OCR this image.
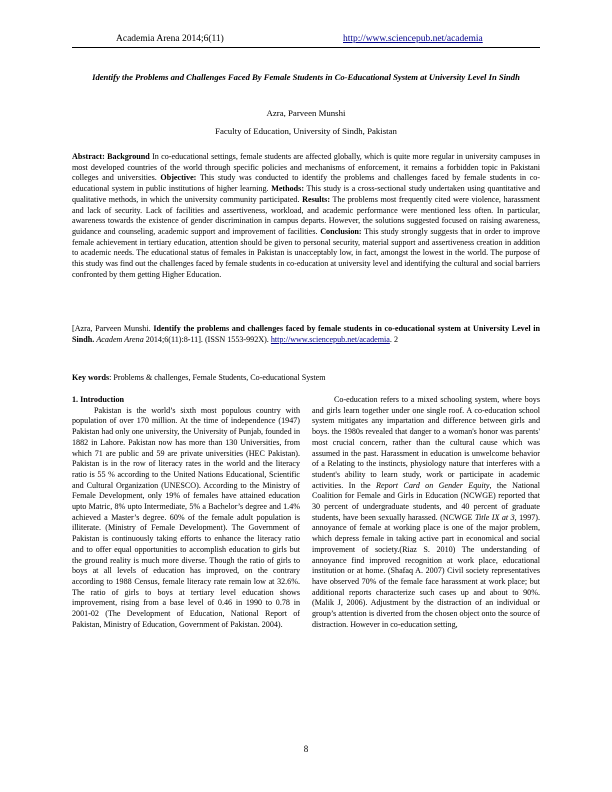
Academia Arena 2014;6(11)	http://www.sciencepub.net/academia
Identify the Problems and Challenges Faced By Female Students in Co-Educational System at University Level In Sindh
Azra, Parveen Munshi
Faculty of Education, University of Sindh, Pakistan

Abstract: Background In co-educational settings, female students are affected globally, which is quite more regular in university campuses in most developed countries of the world through specific policies and mechanisms of enforcement, it remains a forbidden topic in Pakistani colleges and universities. Objective: This study was conducted to identify the problems and challenges faced by female students in co-educational system in public institutions of higher learning. Methods: This study is a cross-sectional study undertaken using quantitative and qualitative methods, in which the university community participated. Results: The problems most frequently cited were violence, harassment and lack of security. Lack of facilities and assertiveness, workload, and academic performance were mentioned less often. In particular, awareness towards the existence of gender discrimination in campus departs. However, the solutions suggested focused on raising awareness, guidance and counseling, academic support and improvement of facilities. Conclusion: This study strongly suggests that in order to improve female achievement in tertiary education, attention should be given to personal security, material support and assertiveness creation in addition to academic needs. The educational status of females in Pakistan is unacceptably low, in fact, amongst the lowest in the world. The purpose of this study was find out the challenges faced by female students in co-education at university level and identifying the cultural and social barriers confronted by them getting Higher Education.

[Azra, Parveen Munshi. Identify the problems and challenges faced by female students in co-educational system at University Level in Sindh. Academ Arena 2014;6(11):8-11]. (ISSN 1553-992X). http://www.sciencepub.net/academia. 2

Key words: Problems & challenges, Female Students, Co-educational System

1. Introduction

Pakistan is the world’s sixth most populous country with population of over 170 million. At the time of independence (1947) Pakistan had only one university, the University of Punjab, founded in 1882 in Lahore. Pakistan now has more than 130 Universities, from which 71 are public and 59 are private universities (HEC Pakistan). Pakistan is in the row of literacy rates in the world and the literacy ratio is 55 % according to the United Nations Educational, Scientific and Cultural Organization (UNESCO). According to the Ministry of Female Development, only 19% of females have attained education upto Matric, 8% upto Intermediate, 5% a Bachelor’s degree and 1.4% achieved a Master’s degree. 60% of the female adult population is illiterate. (Ministry of Female Development). The Government of Pakistan is continuously taking efforts to enhance the literacy ratio and to offer equal opportunities to accomplish education to girls but the ground reality is much more diverse. Though the ratio of girls to boys at all levels of education has improved, on the contrary according to 1988 Census, female literacy rate remain low at 32.6%. The ratio of girls to boys at tertiary level education shows improvement, rising from a base level of 0.46 in 1990 to 0.78 in 2001-02 (The Development of Education, National Report of Pakistan, Ministry of Education, Government of Pakistan. 2004).

Co-education refers to a mixed schooling system, where boys and girls learn together under one single roof. A co-education school system mitigates any impartation and difference between girls and boys. the 1980s revealed that danger to a woman's honor was parents' most crucial concern, rather than the cultural cause which was assumed in the past. Harassment in education is unwelcome behavior of a Relating to the instincts, physiology nature that interferes with a student's ability to learn study, work or participate in academic activities. In the Report Card on Gender Equity, the National Coalition for Female and Girls in Education (NCWGE) reported that 30 percent of undergraduate students, and 40 percent of graduate students, have been sexually harassed. (NCWGE Title IX at 3, 1997). annoyance of female at working place is one of the major problem, which depress female in taking active part in economical and social improvement of society.(Riaz S. 2010) The understanding of annoyance find improved recognition at work place, educational institution or at home. (Shafaq A. 2007) Civil society representatives have observed 70% of the female face harassment at work place; but additional reports characterize such cases up and about to 90%. (Malik J, 2006). Adjustment by the distraction of an individual or group’s attention is diverted from the chosen object onto the source of distraction. However in co-education setting,

8
